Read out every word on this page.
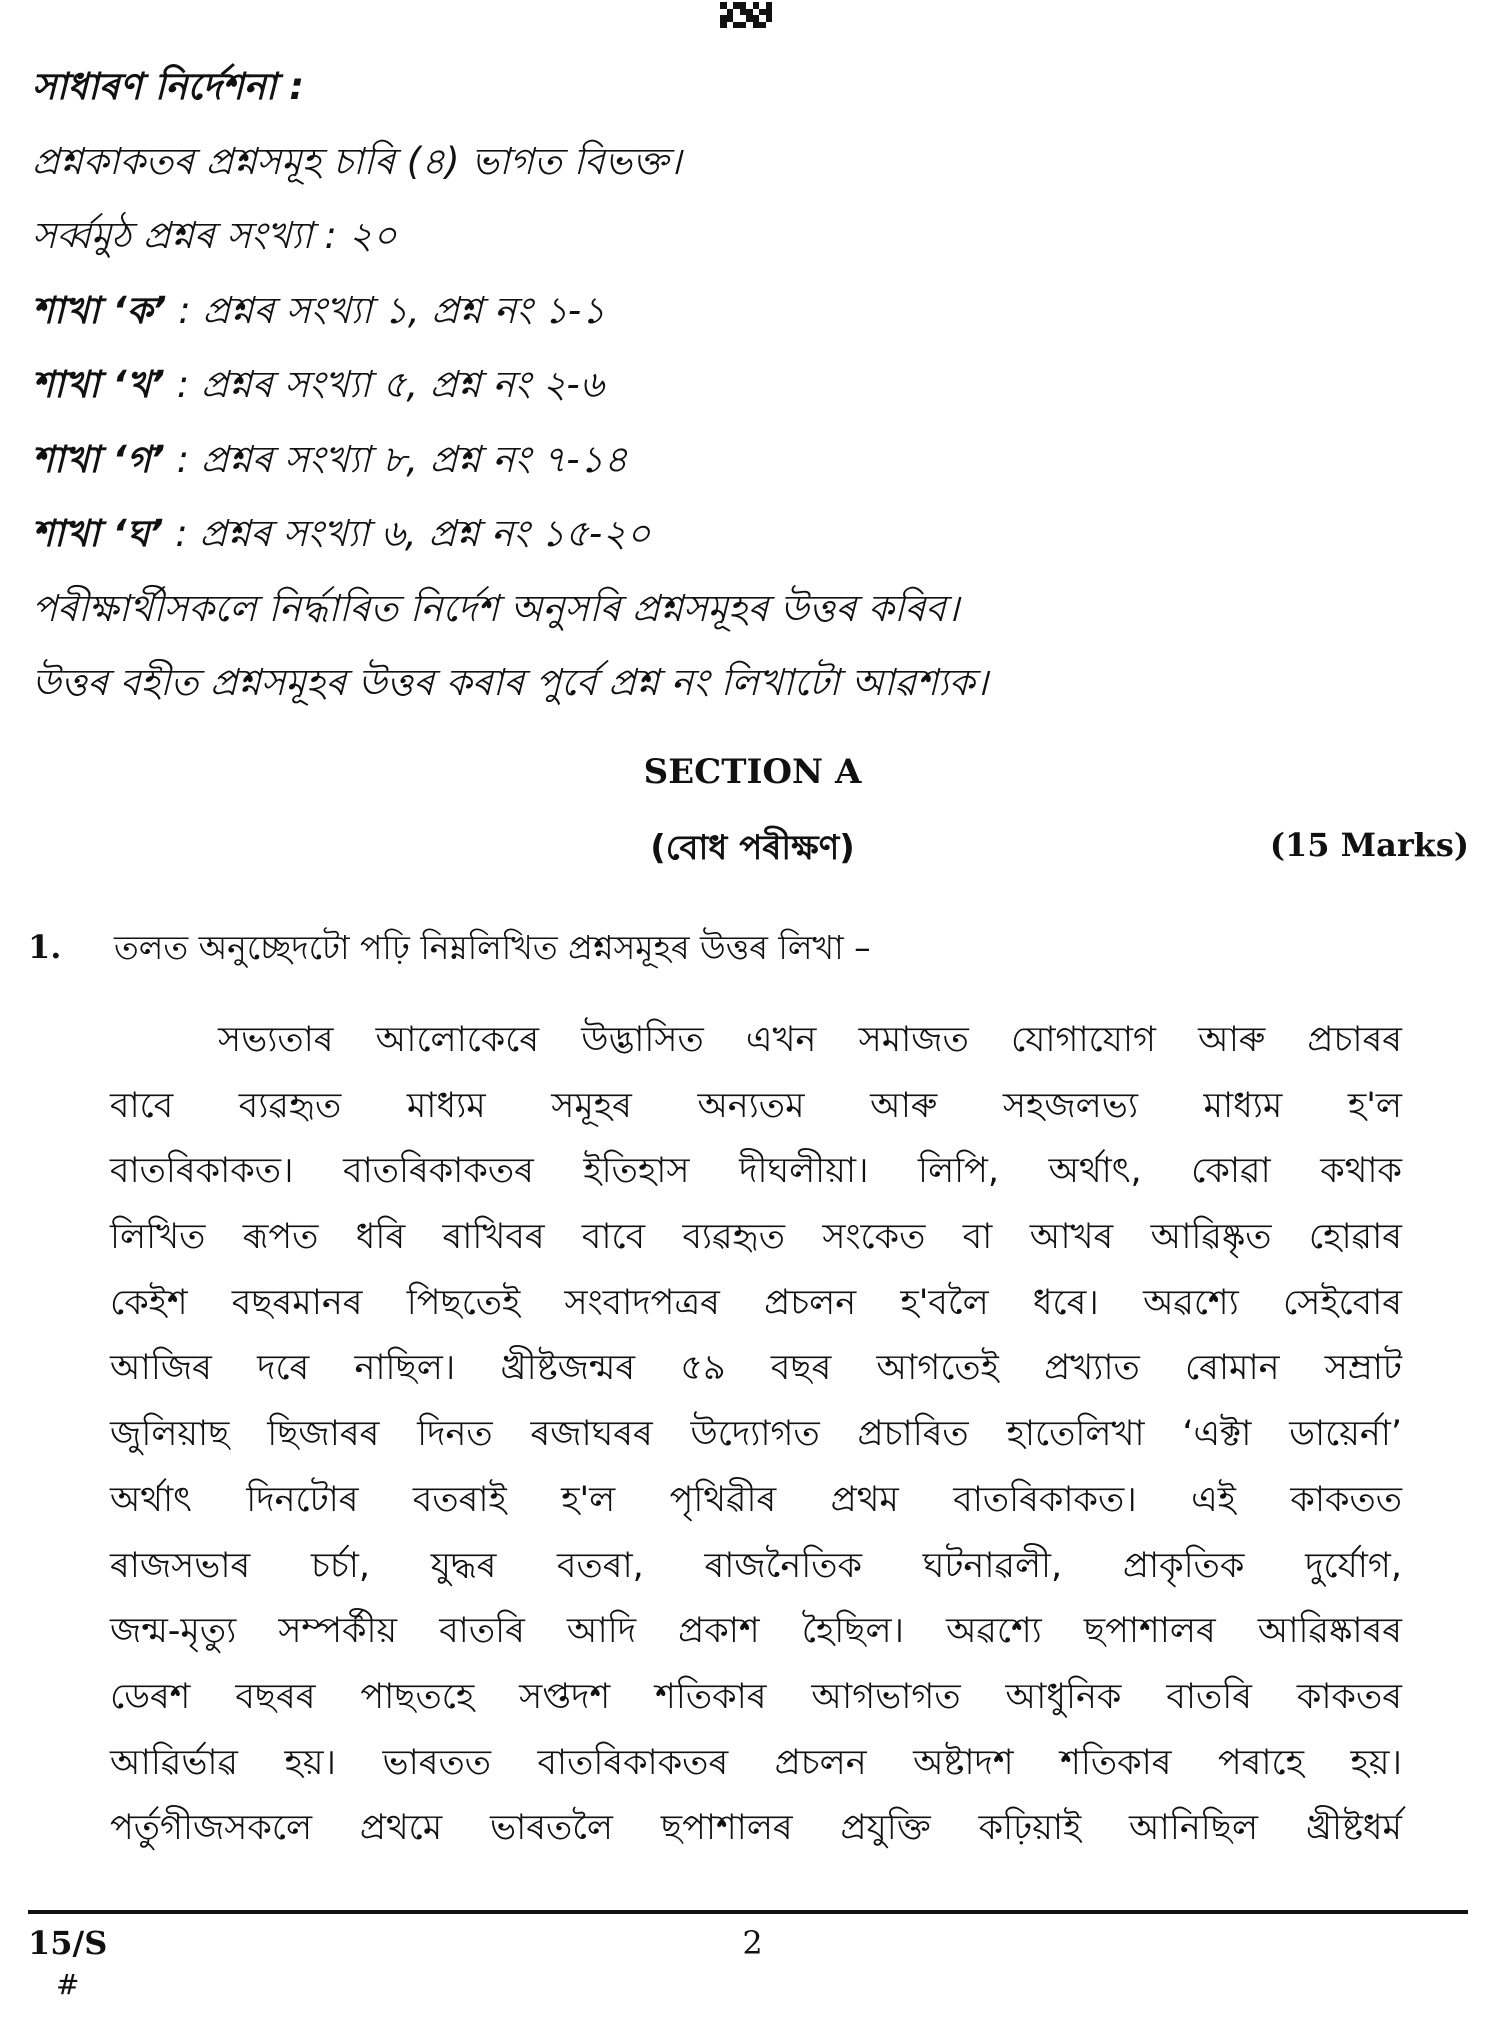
সাধাৰণ নিৰ্দেশনা :
প্ৰশ্নকাকতৰ প্ৰশ্নসমূহ চাৰি (৪) ভাগত বিভক্ত।
সৰ্ব্বমুঠ প্ৰশ্নৰ সংখ্যা : ২০
শাখা ‘ক’ : প্ৰশ্নৰ সংখ্যা ১, প্ৰশ্ন নং ১-১
শাখা ‘খ’ : প্ৰশ্নৰ সংখ্যা ৫, প্ৰশ্ন নং ২-৬
শাখা ‘গ’ : প্ৰশ্নৰ সংখ্যা ৮, প্ৰশ্ন নং ৭-১৪
শাখা ‘ঘ’ : প্ৰশ্নৰ সংখ্যা ৬, প্ৰশ্ন নং ১৫-২০
পৰীক্ষাৰ্থীসকলে নিৰ্দ্ধাৰিত নিৰ্দেশ অনুসৰি প্ৰশ্নসমূহৰ উত্তৰ কৰিব।
উত্তৰ বহীত প্ৰশ্নসমূহৰ উত্তৰ কৰাৰ পুৰ্বে প্ৰশ্ন নং লিখাটো আৱশ্যক।
SECTION A
(বোধ পৰীক্ষণ)	(15 Marks)
1. তলত অনুচ্ছেদটো পঢ়ি নিম্নলিখিত প্ৰশ্নসমূহৰ উত্তৰ লিখা –
সভ্যতাৰ আলোকেৰে উদ্ভাসিত এখন সমাজত যোগাযোগ আৰু প্ৰচাৰৰ
বাবে ব্যৱহৃত মাধ্যম সমূহৰ অন্যতম আৰু সহজলভ্য মাধ্যম হ'ল
বাতৰিকাকত। বাতৰিকাকতৰ ইতিহাস দীঘলীয়া। লিপি, অৰ্থাৎ, কোৱা কথাক
লিখিত ৰূপত ধৰি ৰাখিবৰ বাবে ব্যৱহৃত সংকেত বা আখৰ আৱিষ্কৃত হোৱাৰ
কেইশ বছৰমানৰ পিছতেই সংবাদপত্ৰৰ প্ৰচলন হ'বলৈ ধৰে। অৱশ্যে সেইবোৰ
আজিৰ দৰে নাছিল। খ্ৰীষ্টজন্মৰ ৫৯ বছৰ আগতেই প্ৰখ্যাত ৰোমান সম্ৰাট
জুলিয়াছ ছিজাৰৰ দিনত ৰজাঘৰৰ উদ্যোগত প্ৰচাৰিত হাতেলিখা ‘এক্টা ডায়ের্না’
অৰ্থাৎ দিনটোৰ বতৰাই হ'ল পৃথিৱীৰ প্ৰথম বাতৰিকাকত। এই কাকতত
ৰাজসভাৰ চৰ্চা, যুদ্ধৰ বতৰা, ৰাজনৈতিক ঘটনাৱলী, প্ৰাকৃতিক দুৰ্যোগ,
জন্ম-মৃত্যু সম্পৰ্কীয় বাতৰি আদি প্ৰকাশ হৈছিল। অৱশ্যে ছপাশালৰ আৱিষ্কাৰৰ
ডেৰশ বছৰৰ পাছতহে সপ্তদশ শতিকাৰ আগভাগত আধুনিক বাতৰি কাকতৰ
আৱিৰ্ভাৱ হয়। ভাৰতত বাতৰিকাকতৰ প্ৰচলন অষ্টাদশ শতিকাৰ পৰাহে হয়।
পৰ্তুগীজসকলে প্ৰথমে ভাৰতলৈ ছপাশালৰ প্ৰযুক্তি কঢ়িয়াই আনিছিল খ্ৰীষ্টধৰ্ম
15/S
#
2
